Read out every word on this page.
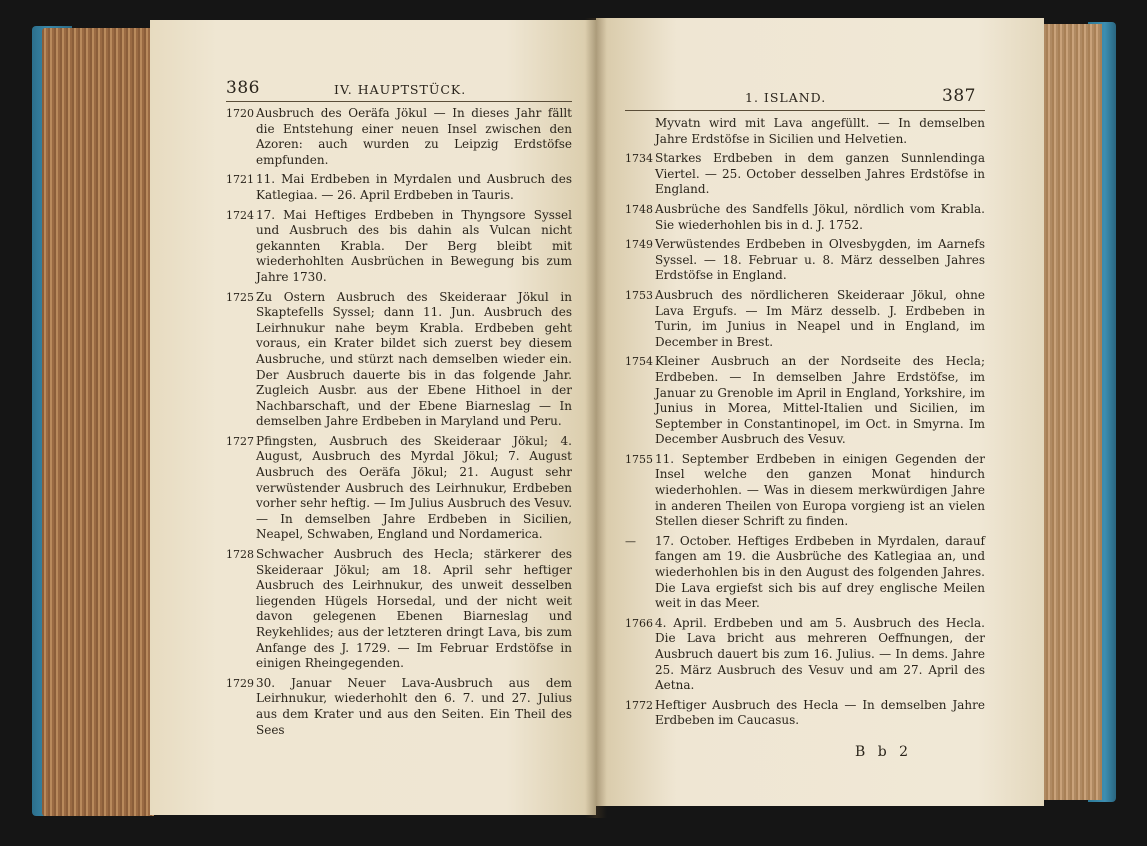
386	IV. HAUPTSTÜCK.
1. ISLAND.	387
1720 Ausbruch des Oeräfa Jökul — In dieses Jahr fällt die Entstehung einer neuen Insel zwischen den Azoren: auch wurden zu Leipzig Erdstöfse empfunden.
1721 11. Mai Erdbeben in Myrdalen und Ausbruch des Katlegiaa. — 26. April Erdbeben in Tauris.
1724 17. Mai Heftiges Erdbeben in Thyngsore Syssel und Ausbruch des bis dahin als Vulcan nicht gekannten Krabla. Der Berg bleibt mit wiederhohlten Ausbrüchen in Bewegung bis zum Jahre 1730.
1725 Zu Ostern Ausbruch des Skeideraar Jökul in Skaptefells Syssel; dann 11. Jun. Ausbruch des Leirhnukur nahe beym Krabla. Erdbeben geht voraus, ein Krater bildet sich zuerst bey diesem Ausbruche, und stürzt nach demselben wieder ein. Der Ausbruch dauerte bis in das folgende Jahr. Zugleich Ausbr. aus der Ebene Hithoel in der Nachbarschaft, und der Ebene Biarneslag — In demselben Jahre Erdbeben in Maryland und Peru.
1727 Pfingsten, Ausbruch des Skeideraar Jökul; 4. August, Ausbruch des Myrdal Jökul; 7. August Ausbruch des Oeräfa Jökul; 21. August sehr verwüstender Ausbruch des Leirhnukur, Erdbeben vorher sehr heftig. — Im Julius Ausbruch des Vesuv. — In demselben Jahre Erdbeben in Sicilien, Neapel, Schwaben, England und Nordamerica.
1728 Schwacher Ausbruch des Hecla; stärkerer des Skeideraar Jökul; am 18. April sehr heftiger Ausbruch des Leirhnukur, des unweit desselben liegenden Hügels Horsedal, und der nicht weit davon gelegenen Ebenen Biarneslag und Reykehlides; aus der letzteren dringt Lava, bis zum Anfange des J. 1729. — Im Februar Erdstöfse in einigen Rheingegenden.
1729 30. Januar Neuer Lava-Ausbruch aus dem Leirhnukur, wiederhohlt den 6. 7. und 27. Julius aus dem Krater und aus den Seiten. Ein Theil des Sees
Myvatn wird mit Lava angefüllt. — In demselben Jahre Erdstöfse in Sicilien und Helvetien.
1734 Starkes Erdbeben in dem ganzen Sunnlendinga Viertel. — 25. October desselben Jahres Erdstöfse in England.
1748 Ausbrüche des Sandfells Jökul, nördlich vom Krabla. Sie wiederhohlen bis in d. J. 1752.
1749 Verwüstendes Erdbeben in Olvesbygden, im Aarnefs Syssel. — 18. Februar u. 8. März desselben Jahres Erdstöfse in England.
1753 Ausbruch des nördlicheren Skeideraar Jökul, ohne Lava Ergufs. — Im März desselb. J. Erdbeben in Turin, im Junius in Neapel und in England, im December in Brest.
1754 Kleiner Ausbruch an der Nordseite des Hecla; Erdbeben. — In demselben Jahre Erdstöfse, im Januar zu Grenoble im April in England, Yorkshire, im Junius in Morea, Mittel-Italien und Sicilien, im September in Constantinopel, im Oct. in Smyrna. Im December Ausbruch des Vesuv.
1755 11. September Erdbeben in einigen Gegenden der Insel welche den ganzen Monat hindurch wiederhohlen. — Was in diesem merkwürdigen Jahre in anderen Theilen von Europa vorgieng ist an vielen Stellen dieser Schrift zu finden.
—	17. October. Heftiges Erdbeben in Myrdalen, darauf fangen am 19. die Ausbrüche des Katlegiaa an, und wiederhohlen bis in den August des folgenden Jahres. Die Lava ergiefst sich bis auf drey englische Meilen weit in das Meer.
1766 4. April. Erdbeben und am 5. Ausbruch des Hecla. Die Lava bricht aus mehreren Oeffnungen, der Ausbruch dauert bis zum 16. Julius. — In dems. Jahre 25. März Ausbruch des Vesuv und am 27. April des Aetna.
1772 Heftiger Ausbruch des Hecla — In demselben Jahre Erdbeben im Caucasus.
B b 2
